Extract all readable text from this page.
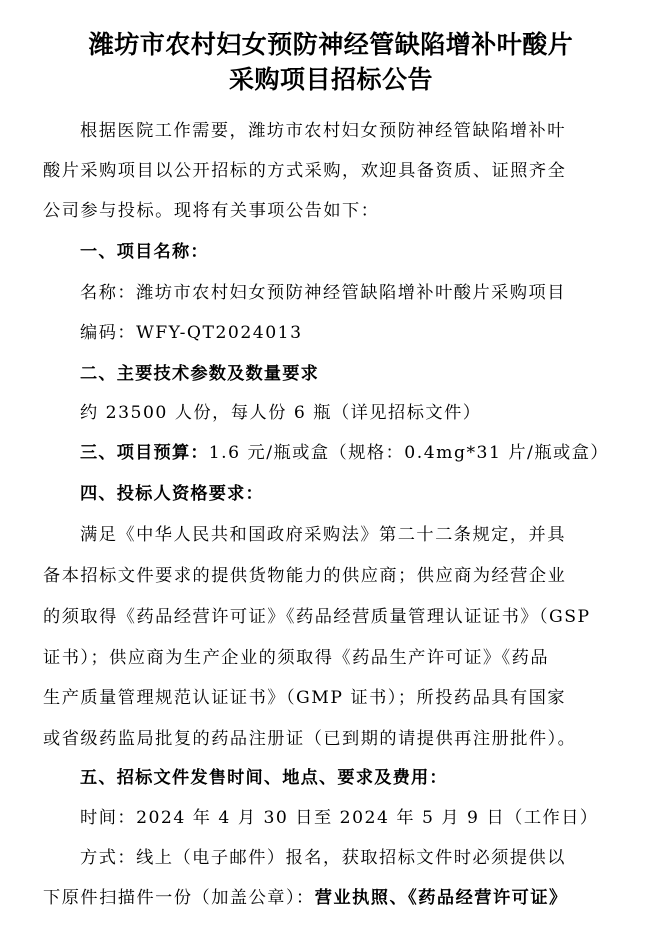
潍坊市农村妇女预防神经管缺陷增补叶酸片
采购项目招标公告
根据医院工作需要，潍坊市农村妇女预防神经管缺陷增补叶
酸片采购项目以公开招标的方式采购，欢迎具备资质、证照齐全
公司参与投标。现将有关事项公告如下：
一、项目名称：
名称：潍坊市农村妇女预防神经管缺陷增补叶酸片采购项目
编码：WFY-QT2024013
二、主要技术参数及数量要求
约 23500 人份，每人份 6 瓶（详见招标文件）
三、项目预算：1.6 元/瓶或盒（规格：0.4mg*31 片/瓶或盒）
四、投标人资格要求：
满足《中华人民共和国政府采购法》第二十二条规定，并具
备本招标文件要求的提供货物能力的供应商；供应商为经营企业
的须取得《药品经营许可证》《药品经营质量管理认证证书》（GSP
证书）；供应商为生产企业的须取得《药品生产许可证》《药品
生产质量管理规范认证证书》（GMP 证书）；所投药品具有国家
或省级药监局批复的药品注册证（已到期的请提供再注册批件）。
五、招标文件发售时间、地点、要求及费用：
时间：2024 年 4 月 30 日至 2024 年 5 月 9 日（工作日）
方式：线上（电子邮件）报名，获取招标文件时必须提供以
下原件扫描件一份（加盖公章）：营业执照、《药品经营许可证》
